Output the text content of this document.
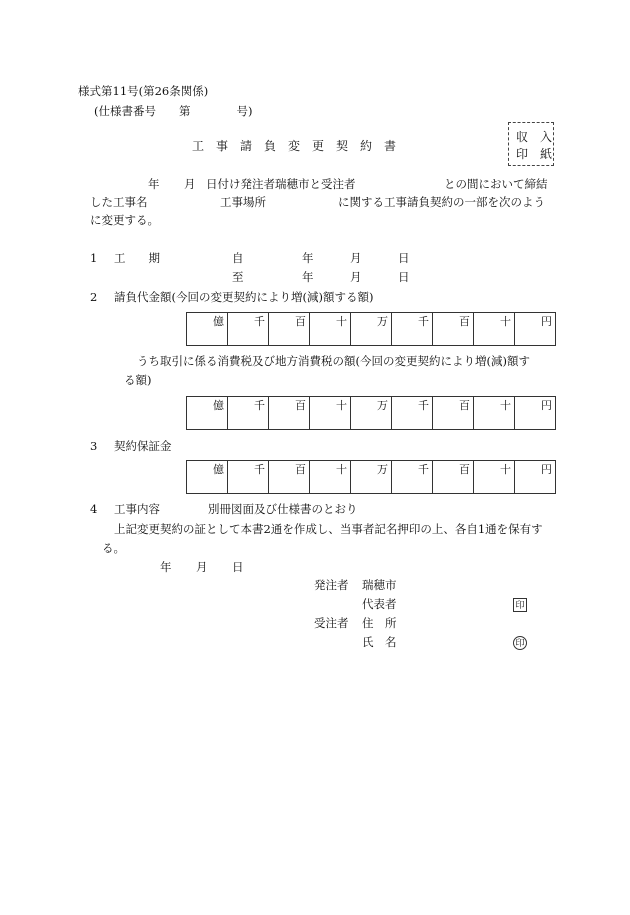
様式第11号(第26条関係)
(仕様書番号　　第　　　　号)
工　事　請　負　変　更　契　約　書
収　入
印　紙
年 月 日付け発注者瑞穂市と受注者	との間において締結
した工事名	工事場所	に関する工事請負契約の一部を次のよう
に変更する。
1 工　　期	自	年	月	日
至	年	月	日
2 請負代金額(今回の変更契約により増(減)額する額)
億	千	百	十	万	千	百	十	円
うち取引に係る消費税及び地方消費税の額(今回の変更契約により増(減)額す
る額)
億	千	百	十	万	千	百	十	円
3 契約保証金
億	千	百	十	万	千	百	十	円
4 工事内容	別冊図面及び仕様書のとおり
上記変更契約の証として本書2通を作成し、当事者記名押印の上、各自1通を保有す
る。
年 月 日
発注者 瑞穂市
代表者	印
受注者 住　所
氏　名	印
